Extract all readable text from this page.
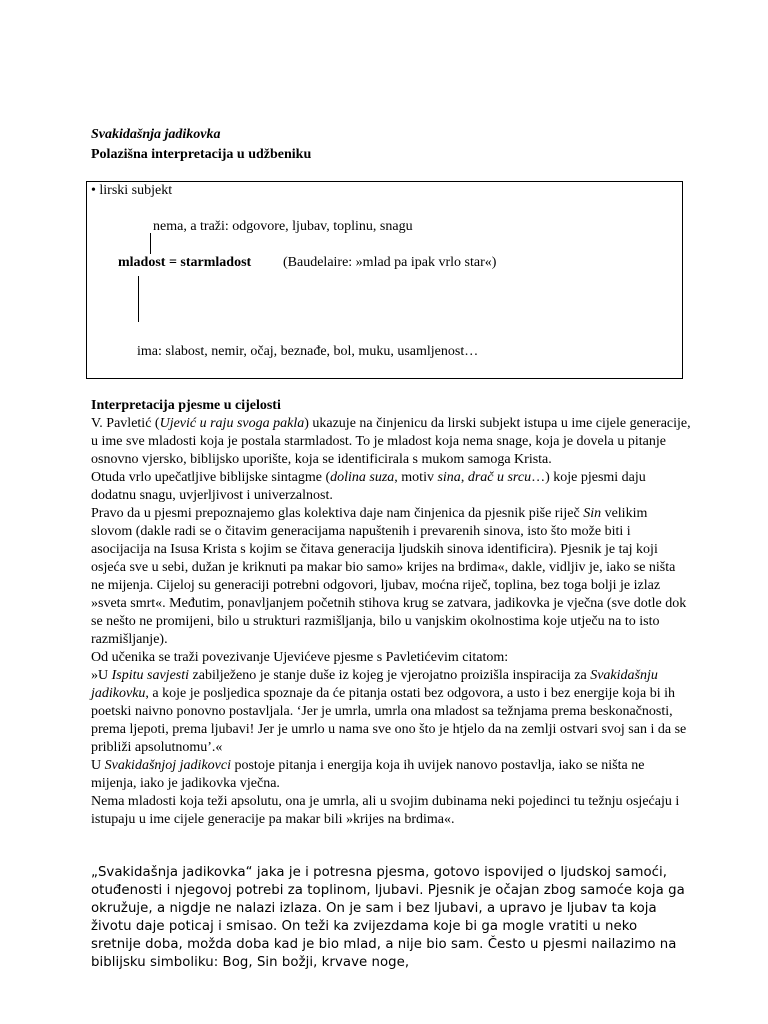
Svakidašnja jadikovka
Polazišna interpretacija u udžbeniku
• lirski subjekt
nema, a traži: odgovore, ljubav, toplinu, snagu
mladost = starmladost (Baudelaire: »mlad pa ipak vrlo star«)
ima: slabost, nemir, očaj, beznađe, bol, muku, usamljenost…

Interpretacija pjesme u cijelosti

V. Pavletić (Ujević u raju svoga pakla) ukazuje na činjenicu da lirski subjekt istupa u ime cijele generacije, u ime sve mladosti koja je postala starmladost. To je mladost koja nema snage, koja je dovela u pitanje osnovno vjersko, biblijsko uporište, koja se identificirala s mukom samoga Krista.

Otuda vrlo upečatljive biblijske sintagme (dolina suza, motiv sina, drač u srcu…) koje pjesmi daju dodatnu snagu, uvjerljivost i univerzalnost.

Pravo da u pjesmi prepoznajemo glas kolektiva daje nam činjenica da pjesnik piše riječ Sin velikim slovom (dakle radi se o čitavim generacijama napuštenih i prevarenih sinova, isto što može biti i asocijacija na Isusa Krista s kojim se čitava generacija ljudskih sinova identificira). Pjesnik je taj koji osjeća sve u sebi, dužan je kriknuti pa makar bio samo» krijes na brdima«, dakle, vidljiv je, iako se ništa ne mijenja. Cijeloj su generaciji potrebni odgovori, ljubav, moćna riječ, toplina, bez toga bolji je izlaz »sveta smrt«. Međutim, ponavljanjem početnih stihova krug se zatvara, jadikovka je vječna (sve dotle dok se nešto ne promijeni, bilo u strukturi razmišljanja, bilo u vanjskim okolnostima koje utječu na to isto razmišljanje).

Od učenika se traži povezivanje Ujevićeve pjesme s Pavletićevim citatom:

»U Ispitu savjesti zabilježeno je stanje duše iz kojeg je vjerojatno proizišla inspiracija za Svakidašnju jadikovku, a koje je posljedica spoznaje da će pitanja ostati bez odgovora, a usto i bez energije koja bi ih poetski naivno ponovno postavljala. ‘Jer je umrla, umrla ona mladost sa težnjama prema beskonačnosti, prema ljepoti, prema ljubavi! Jer je umrlo u nama sve ono što je htjelo da na zemlji ostvari svoj san i da se približi apsolutnomu’.«

U Svakidašnjoj jadikovci postoje pitanja i energija koja ih uvijek nanovo postavlja, iako se ništa ne mijenja, iako je jadikovka vječna.

Nema mladosti koja teži apsolutu, ona je umrla, ali u svojim dubinama neki pojedinci tu težnju osjećaju i istupaju u ime cijele generacije pa makar bili »krijes na brdima«.

„Svakidašnja jadikovka“ jaka je i potresna pjesma, gotovo ispovijed o ljudskoj samoći, otuđenosti i njegovoj potrebi za toplinom, ljubavi. Pjesnik je očajan zbog samoće koja ga okružuje, a nigdje ne nalazi izlaza. On je sam i bez ljubavi, a upravo je ljubav ta koja životu daje poticaj i smisao. On teži ka zvijezdama koje bi ga mogle vratiti u neko sretnije doba, možda doba kad je bio mlad, a nije bio sam. Često u pjesmi nailazimo na biblijsku simboliku: Bog, Sin božji, krvave noge,
